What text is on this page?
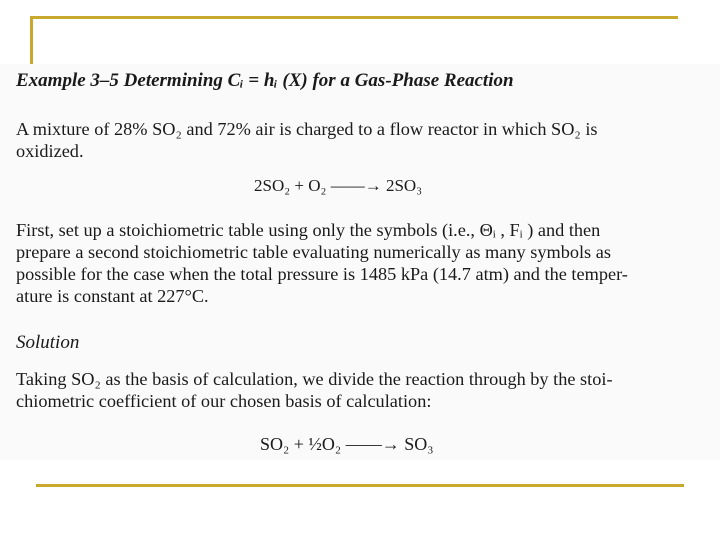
Example 3–5 Determining Cᵢ = hᵢ (X) for a Gas-Phase Reaction
A mixture of 28% SO₂ and 72% air is charged to a flow reactor in which SO₂ is
oxidized.
2SO₂ + O₂ ——→ 2SO₃
First, set up a stoichiometric table using only the symbols (i.e., Θᵢ , Fᵢ ) and then
prepare a second stoichiometric table evaluating numerically as many symbols as
possible for the case when the total pressure is 1485 kPa (14.7 atm) and the temper-
ature is constant at 227°C.
Solution
Taking SO₂ as the basis of calculation, we divide the reaction through by the stoi-
chiometric coefficient of our chosen basis of calculation:
SO₂ + ½O₂ ——→ SO₃
